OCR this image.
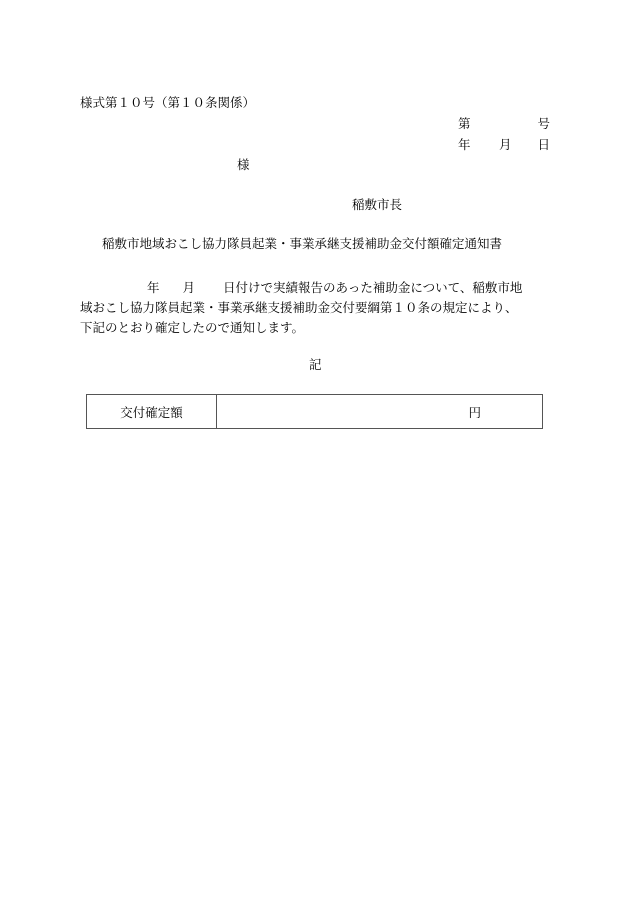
様式第１０号（第１０条関係）
第	号
年 月 日
様
稲敷市長
稲敷市地域おこし協力隊員起業・事業承継支援補助金交付額確定通知書
年 月 日付けで実績報告のあった補助金について、稲敷市地
域おこし協力隊員起業・事業承継支援補助金交付要綱第１０条の規定により、
下記のとおり確定したので通知します。
記
交付確定額	円
